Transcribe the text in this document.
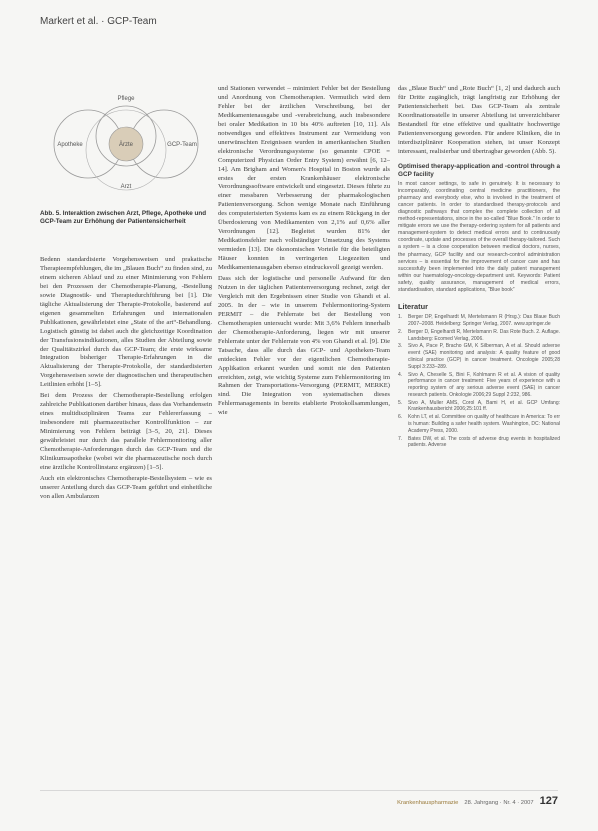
Markert et al. · GCP-Team
Pflege
Apotheke	Ärzte	GCP-Team
Arzt
Abb. 5. Interaktion zwischen Arzt, Pflege, Apotheke und GCP-Team zur Erhöhung der Patientensicherheit

Bedenn standardisierte Vorgehensweisen und prakatische Therapieempfehlungen, die im „Blauen Buch“ zu finden sind, zu einem sicheren Ablauf und zu einer Minimierung von Fehlern bei den Prozessen der Chemotherapie-Planung, -Bestellung sowie Diagnostik- und Therapiedurchführung bei [1]. Die tägliche Aktualisierung der Therapie-Protokolle, basierend auf eigenen gesammelten Erfahrungen und internationalen Publikationen, gewährleistet eine „State of the art“-Behandlung. Logistisch günstig ist dabei auch die gleichzeitige Koordination der Transfusionsindikationen, alles Studien der Abteilung sowie der Qualitätszirkel durch das GCP-Team; die erste wirksame Integration bisheriger Therapie-Erfahrungen in die Aktualisierung der Therapie-Protokolle, der standardisierten Vorgehensweisen sowie der diagnostischen und therapeutischen Leitlinien erhöht [1–5].

Bei dem Prozess der Chemotherapie-Bestellung erfolgen zahlreiche Publikationen darüber hinaus, dass das Vorhandensein eines multidisziplinären Teams zur Fehlererfassung – insbesondere mit pharmazeutischer Kontrollfunktion – zur Minimierung von Fehlern beiträgt [3–5, 20, 21]. Dieses gewährleistet nur durch das parallele Fehlermonitoring aller Chemotherapie-Anforderungen durch das GCP-Team und die Klinikumsapotheke (wobei wir die pharmazeutische noch durch eine ärztliche Kontrollinstanz ergänzen) [1–5].

Auch ein elektronisches Chemotherapie-Bestellsystem – wie es unserer Anteilung durch das GCP-Team geführt und einheitliche von allen Ambulanzen

und Stationen verwendet – minimiert Fehler bei der Bestellung und Anordnung von Chemotherapien. Vermutlich wird dem Fehler bei der ärztlichen Verschreibung, bei der Medikamentenausgabe und -verabreichung, auch insbesondere bei oraler Medikation in 10 bis 40% auftreten [10, 11]. Als notwendiges und effektives Instrument zur Vermeidung von unerwünschten Ereignissen wurden in amerikanischen Studien elektronische Verordnungssysteme (so genannte CPOE = Computerized Physician Order Entry System) erwähnt [6, 12–14]. Am Brigham and Women's Hospital in Boston wurde als erstes der ersten Krankenhäuser elektronische Verordnungssoftware entwickelt und eingesetzt. Dieses führte zu einer messbaren Verbesserung der pharmakologischen Patientenversorgung. Schon wenige Monate nach Einführung des computerisierten Systems kam es zu einem Rückgang in der Überdosierung von Medikamenten von 2,1% auf 0,6% aller Verordnungen [12]. Begleitet wurden 81% der Medikationsfehler nach vollständiger Umsetzung des Systems vermieden [13]. Die ökonomischen Vorteile für die beteiligten Häuser konnten in verringerten Liegezeiten und Medikamentenausgaben ebenso eindrucksvoll gezeigt werden.

Dass sich der logistische und personelle Aufwand für den Nutzen in der täglichen Patientenversorgung rechnet, zeigt der Vergleich mit den Ergebnissen einer Studie von Ghandi et al. 2005. In der – wie in unserem Fehlermonitoring-System PERMIT – die Fehlerrate bei der Bestellung von Chemotherapien untersucht wurde: Mit 3,6% Fehlern innerhalb der Chemotherapie-Anforderung, liegen wir mit unserer Fehlerrate unter der Fehlerrate von 4% von Ghandi et al. [9]. Die Tatsache, dass alle durch das GCP- und Apotheken-Team entdeckten Fehler vor der eigentlichen Chemotherapie-Applikation erkannt wurden und somit nie den Patienten erreichten, zeigt, wie wichtig Systeme zum Fehlermonitoring im Rahmen der Transportations-Versorgung (PERMIT, MERKE) sind. Die Integration von systematischen dieses Fehlermanagements in bereits etablierte Protokollsammlungen, wie

das „Blaue Buch“ und „Rote Buch“ [1, 2] und dadurch auch für Dritte zugänglich, trägt langfristig zur Erhöhung der Patientensicherheit bei. Das GCP-Team als zentrale Koordinationsstelle in unserer Abteilung ist unverzichtbarer Bestandteil für eine effektive und qualitativ hochwertige Patientenversorgung geworden. Für andere Kliniken, die in interdisziplinärer Kooperation stehen, ist unser Konzept interessant, realisierbar und übertragbar geworden (Abb. 5).

Optimised therapy-application and -control through a GCP facility

In most cancer settings, to safe in genuinely. It is necessary to incomparably, coordinating central medicine practitioners, the pharmacy and everybody else, who is involved in the treatment of cancer patients. In order to standardised therapy-protocols and diagnostic pathways that complex the complete collection of all method-representations, since in the so-called “Blue Book.” In order to mitigate errors we use the therapy-ordering system for all patients and management-system to detect medical errors and to continuously coordinate, update and processes of the overall therapy-tailored. Such a system – is a close cooperation between medical doctors, nurses, the pharmacy, GCP facility and our research-control administration services – is essential for the improvement of cancer care and has successfully been implemented into the daily patient management within our haematology-oncology-department unit. Keywords: Patient safety, quality assurance, management of medical errors, standardisation, standard applications, “Blue book”

Literatur
1. Berger DP, Engelhardt M, Mertelsmann R (Hrsg.): Das Blaue Buch 2007–2008. Heidelberg: Springer Verlag, 2007. www.springer.de
2. Berger D, Engelhardt R, Mertelsmann R. Das Rote Buch. 2. Auflage. Landsberg: Ecomed Verlag, 2006.
3. Sivo A, Pace P, Bracho GM, K Silberman, A et al. Should adverse event (SAE) monitoring and analysis: A quality feature of good clinical practice (GCP) in cancer treatment. Oncologie 2005;28 Suppl 3:233–289.
4. Sivo A, Cheselle S, Bini F, Kohlmann R et al. A vision of quality performance in cancer treatment: Five years of experience with a reporting system of any serious adverse event (SAE) in cancer research patients. Onkologie 2006;29 Suppl 2:232, 986.
5. Sivo A, Muller AMS, Corol A, Bami H, et al. GCP Umfang: Krankenhausbericht 2006;25:101 ff.
6. Kohn LT, et al. Committee on quality of healthcare in America: To err is human: Building a safer health system. Washington, DC: National Academy Press, 2000.
7. Bates DW, et al. The costs of adverse drug events in hospitalized patients. Adverse
Krankenhauspharmazie 28. Jahrgang · Nr. 4 · 2007 127
